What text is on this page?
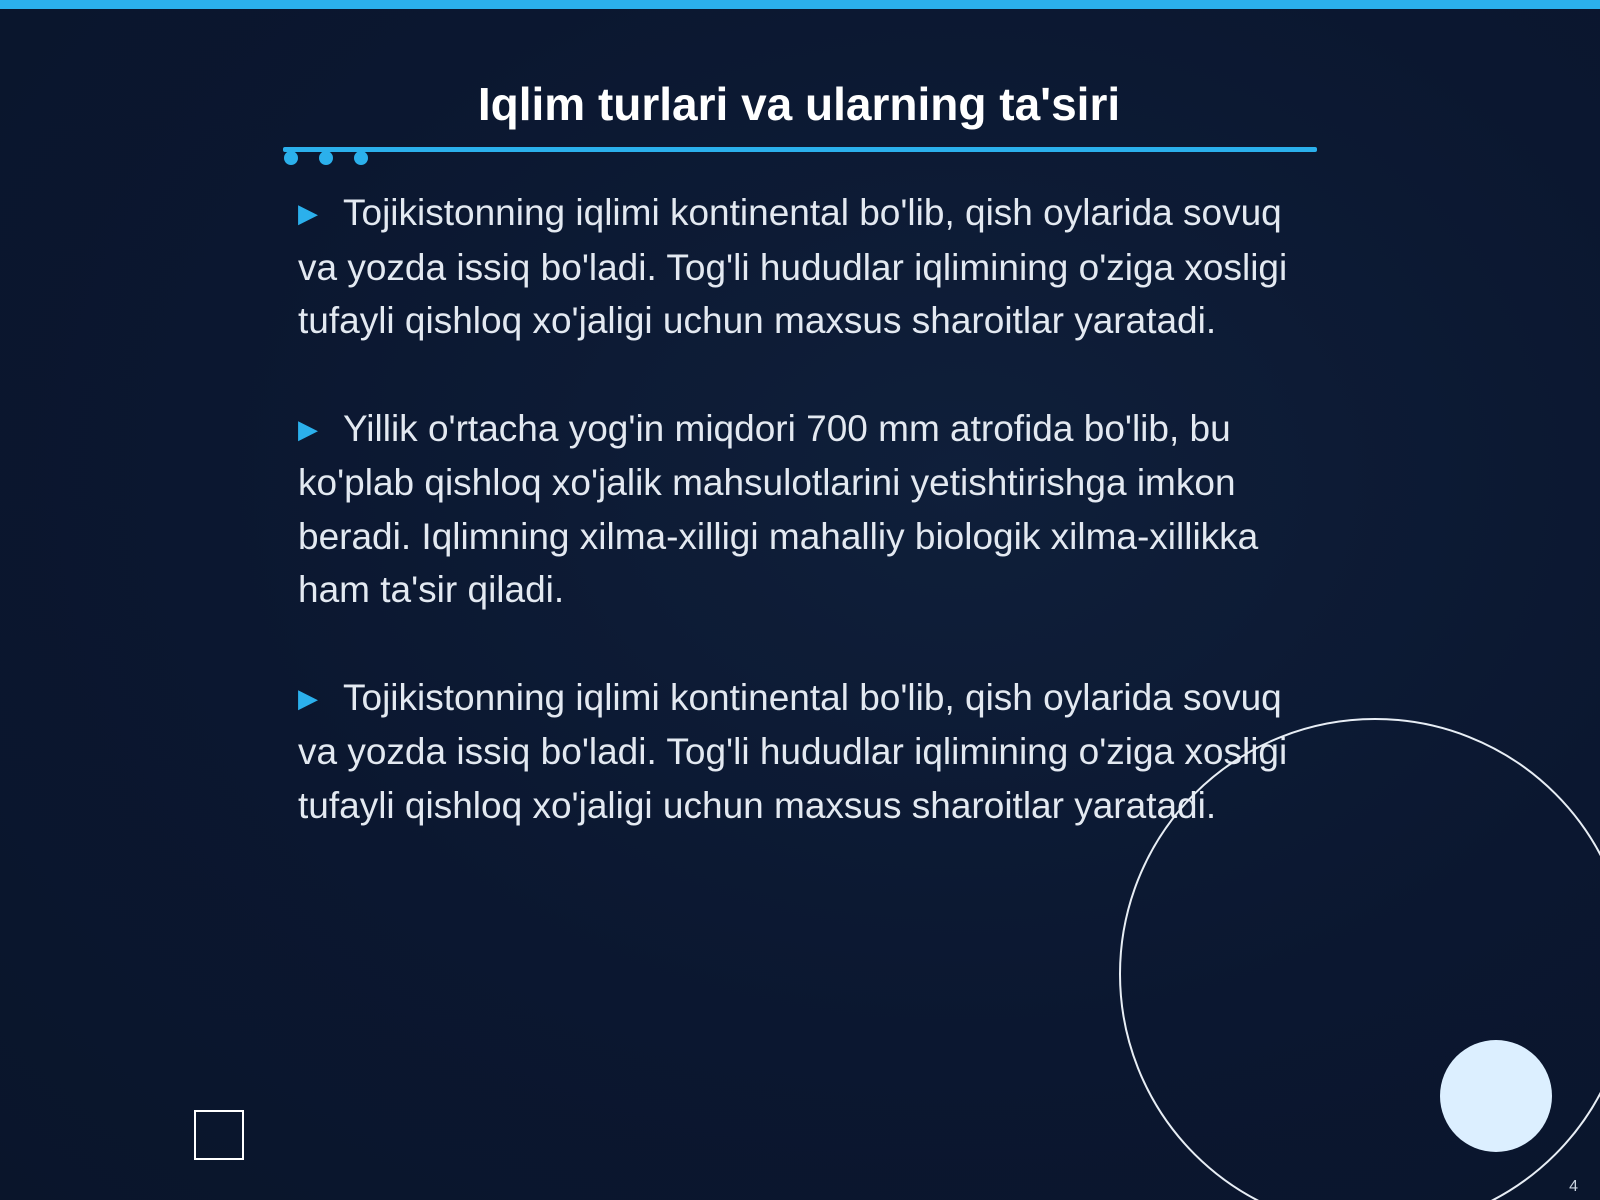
Iqlim turlari va ularning ta'siri

▶ Tojikistonning iqlimi kontinental bo'lib, qish oylarida sovuq va yozda issiq bo'ladi. Tog'li hududlar iqlimining o'ziga xosligi tufayli qishloq xo'jaligi uchun maxsus sharoitlar yaratadi.

▶ Yillik o'rtacha yog'in miqdori 700 mm atrofida bo'lib, bu ko'plab qishloq xo'jalik mahsulotlarini yetishtirishga imkon beradi. Iqlimning xilma-xilligi mahalliy biologik xilma-xillikka ham ta'sir qiladi.

▶ Tojikistonning iqlimi kontinental bo'lib, qish oylarida sovuq va yozda issiq bo'ladi. Tog'li hududlar iqlimining o'ziga xosligi tufayli qishloq xo'jaligi uchun maxsus sharoitlar yaratadi.

4
